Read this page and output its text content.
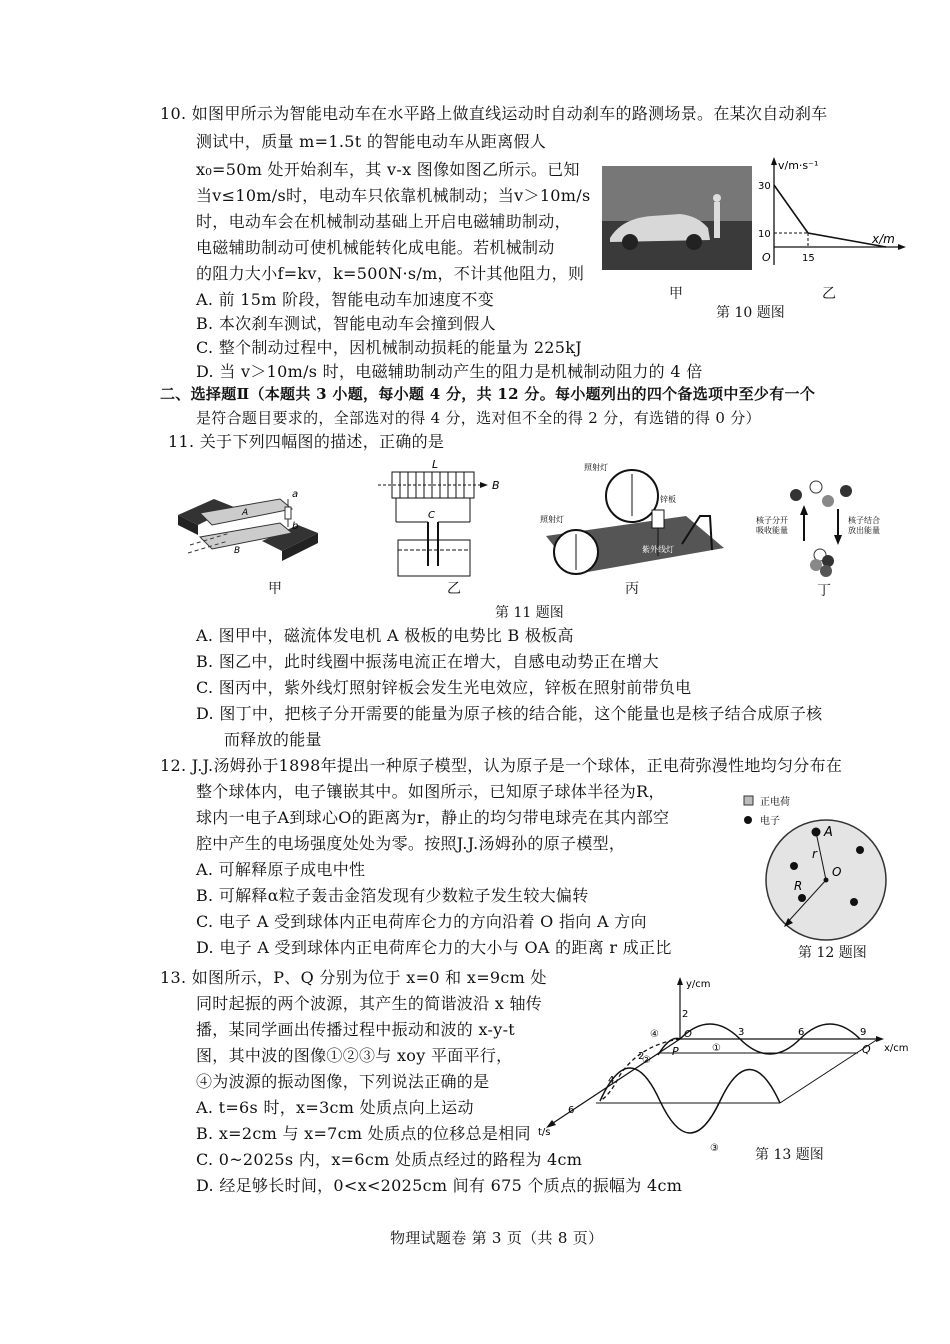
10. 如图甲所示为智能电动车在水平路上做直线运动时自动刹车的路测场景。在某次自动刹车
测试中，质量 m=1.5t 的智能电动车从距离假人
x₀=50m 处开始刹车，其 v-x 图像如图乙所示。已知
当v≤10m/s时，电动车只依靠机械制动；当v＞10m/s
时，电动车会在机械制动基础上开启电磁辅助制动，
电磁辅助制动可使机械能转化成电能。若机械制动
的阻力大小f=kv，k=500N·s/m，不计其他阻力，则
A. 前 15m 阶段，智能电动车加速度不变
B. 本次刹车测试，智能电动车会撞到假人
C. 整个制动过程中，因机械制动损耗的能量为 225kJ
D. 当 v＞10m/s 时，电磁辅助制动产生的阻力是机械制动阻力的 4 倍
甲
v/m·s⁻¹
x/m
30
10
O	15
乙
第 10 题图
二、选择题Ⅱ（本题共 3 小题，每小题 4 分，共 12 分。每小题列出的四个备选项中至少有一个
是符合题目要求的，全部选对的得 4 分，选对但不全的得 2 分，有选错的得 0 分）
11. 关于下列四幅图的描述，正确的是
a
b
A
B
甲
L
B
C
乙
照射灯
照射灯
锌板
紫外线灯
丙
核子分开
吸收能量
核子结合
放出能量
丁
第 11 题图
A. 图甲中，磁流体发电机 A 极板的电势比 B 极板高
B. 图乙中，此时线圈中振荡电流正在增大，自感电动势正在增大
C. 图丙中，紫外线灯照射锌板会发生光电效应，锌板在照射前带负电
D. 图丁中，把核子分开需要的能量为原子核的结合能，这个能量也是核子结合成原子核
而释放的能量
12. J.J.汤姆孙于1898年提出一种原子模型，认为原子是一个球体，正电荷弥漫性地均匀分布在
整个球体内，电子镶嵌其中。如图所示，已知原子球体半径为R，
球内一电子A到球心O的距离为r，静止的均匀带电球壳在其内部空
腔中产生的电场强度处处为零。按照J.J.汤姆孙的原子模型，
A. 可解释原子成电中性
B. 可解释α粒子轰击金箔发现有少数粒子发生较大偏转
C. 电子 A 受到球体内正电荷库仑力的方向沿着 O 指向 A 方向
D. 电子 A 受到球体内正电荷库仑力的大小与 OA 的距离 r 成正比
正电荷
电子
A
O
r
R
第 12 题图
13. 如图所示，P、Q 分别为位于 x=0 和 x=9cm 处
同时起振的两个波源，其产生的简谐波沿 x 轴传
播，某同学画出传播过程中振动和波的 x-y-t
图，其中波的图像①②③与 xoy 平面平行，
④为波源的振动图像，下列说法正确的是
A. t=6s 时，x=3cm 处质点向上运动
B. x=2cm 与 x=7cm 处质点的位移总是相同
C. 0~2025s 内，x=6cm 处质点经过的路程为 4cm
D. 经足够长时间，0<x<2025cm 间有 675 个质点的振幅为 4cm
y/cm
2
x/cm
O	3	6	9
P	Q
t/s
2
4
6
①
②
④
③	第 13 题图
物理试题卷 第 3 页（共 8 页）
